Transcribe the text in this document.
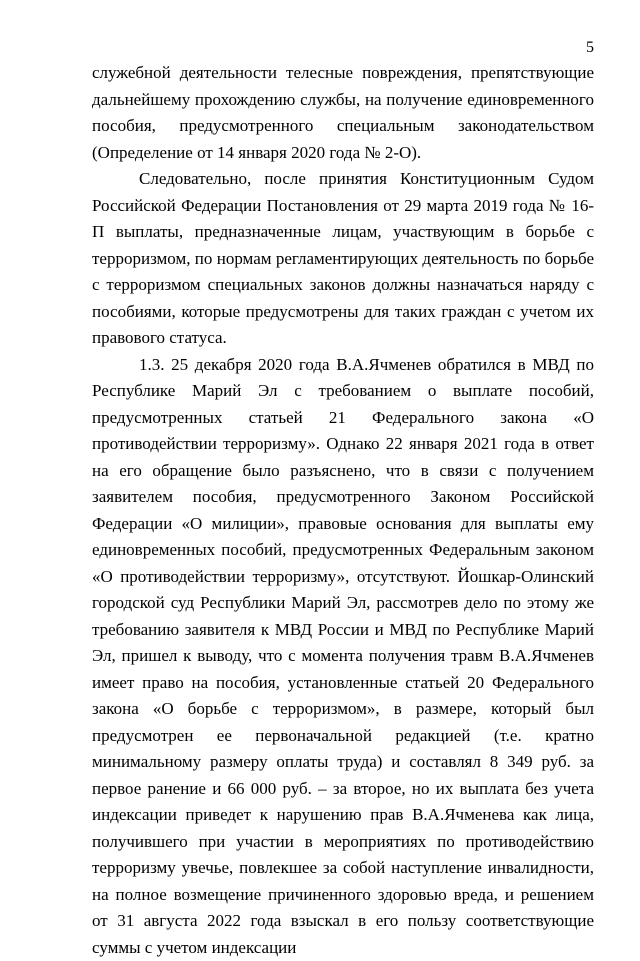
5

служебной деятельности телесные повреждения, препятствующие дальнейшему прохождению службы, на получение единовременного пособия, предусмотренного специальным законодательством (Определение от 14 января 2020 года № 2-О).

Следовательно, после принятия Конституционным Судом Российской Федерации Постановления от 29 марта 2019 года № 16-П выплаты, предназначенные лицам, участвующим в борьбе с терроризмом, по нормам регламентирующих деятельность по борьбе с терроризмом специальных законов должны назначаться наряду с пособиями, которые предусмотрены для таких граждан с учетом их правового статуса.

1.3. 25 декабря 2020 года В.А.Ячменев обратился в МВД по Республике Марий Эл с требованием о выплате пособий, предусмотренных статьей 21 Федерального закона «О противодействии терроризму». Однако 22 января 2021 года в ответ на его обращение было разъяснено, что в связи с получением заявителем пособия, предусмотренного Законом Российской Федерации «О милиции», правовые основания для выплаты ему единовременных пособий, предусмотренных Федеральным законом «О противодействии терроризму», отсутствуют. Йошкар-Олинский городской суд Республики Марий Эл, рассмотрев дело по этому же требованию заявителя к МВД России и МВД по Республике Марий Эл, пришел к выводу, что с момента получения травм В.А.Ячменев имеет право на пособия, установленные статьей 20 Федерального закона «О борьбе с терроризмом», в размере, который был предусмотрен ее первоначальной редакцией (т.е. кратно минимальному размеру оплаты труда) и составлял 8 349 руб. за первое ранение и 66 000 руб. – за второе, но их выплата без учета индексации приведет к нарушению прав В.А.Ячменева как лица, получившего при участии в мероприятиях по противодействию терроризму увечье, повлекшее за собой наступление инвалидности, на полное возмещение причиненного здоровью вреда, и решением от 31 августа 2022 года взыскал в его пользу соответствующие суммы с учетом индексации
